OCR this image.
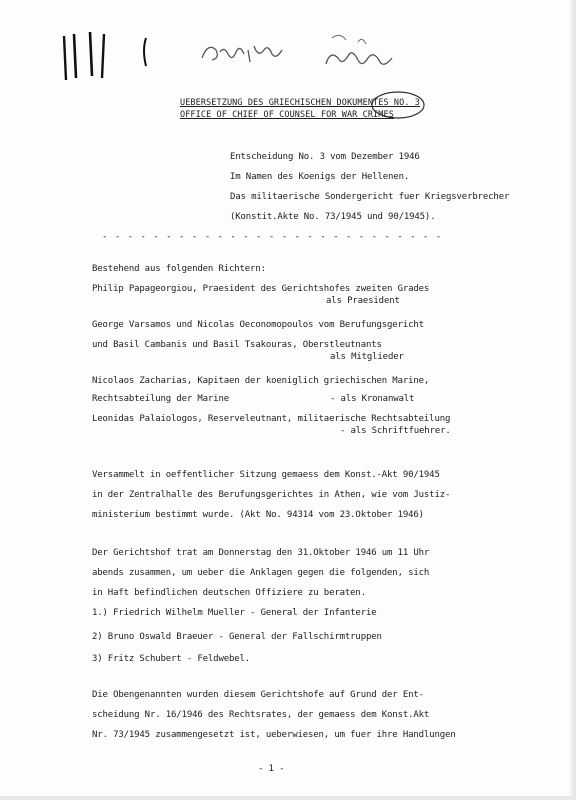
UEBERSETZUNG DES GRIECHISCHEN DOKUMENTES NO. 3
OFFICE OF CHIEF OF COUNSEL FOR WAR CRIMES
Entscheidung No. 3 vom Dezember 1946
Im Namen des Koenigs der Hellenen.
Das militaerische Sondergericht fuer Kriegsverbrecher
(Konstit.Akte No. 73/1945 und 90/1945).
- - - - - - - - - - - - - - - - - - - - - - - - - - -
Bestehend aus folgenden Richtern:
Philip Papageorgiou, Praesident des Gerichtshofes zweiten Grades
als Praesident
George Varsamos und Nicolas Oeconomopoulos vom Berufungsgericht
und Basil Cambanis und Basil Tsakouras, Oberstleutnants
als Mitglieder
Nicolaos Zacharias, Kapitaen der koeniglich griechischen Marine,
Rechtsabteilung der Marine	- als Kronanwalt
Leonidas Palaiologos, Reserveleutnant, militaerische Rechtsabteilung
- als Schriftfuehrer.
Versammelt in oeffentlicher Sitzung gemaess dem Konst.-Akt 90/1945
in der Zentralhalle des Berufungsgerichtes in Athen, wie vom Justiz-
ministerium bestimmt wurde. (Akt No. 94314 vom 23.Oktober 1946)
Der Gerichtshof trat am Donnerstag den 31.Oktober 1946 um 11 Uhr
abends zusammen, um ueber die Anklagen gegen die folgenden, sich
in Haft befindlichen deutschen Offiziere zu beraten.
1.) Friedrich Wilhelm Mueller - General der Infanterie
2) Bruno Oswald Braeuer - General der Fallschirmtruppen
3) Fritz Schubert - Feldwebel.
Die Obengenannten wurden diesem Gerichtshofe auf Grund der Ent-
scheidung Nr. 16/1946 des Rechtsrates, der gemaess dem Konst.Akt
Nr. 73/1945 zusammengesetzt ist, ueberwiesen, um fuer ihre Handlungen
- 1 -
